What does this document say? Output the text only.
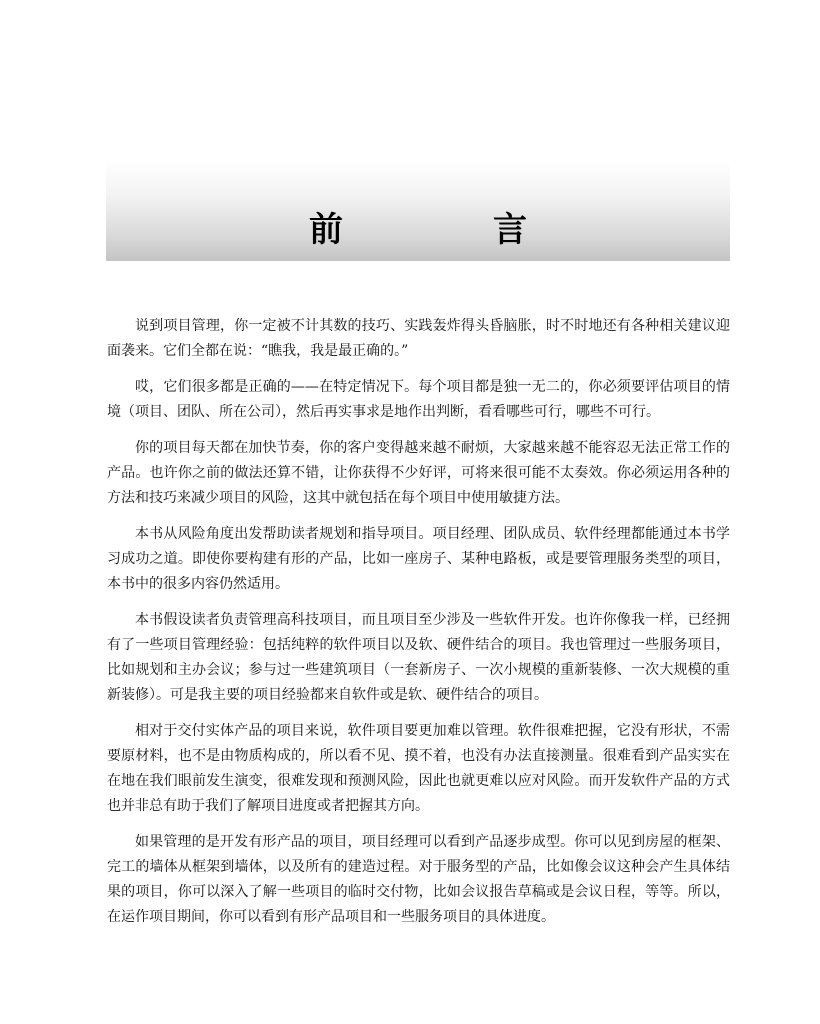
前　言

说到项目管理，你一定被不计其数的技巧、实践轰炸得头昏脑胀，时不时地还有各种相关建议迎面袭来。它们全都在说：“瞧我，我是最正确的。”

哎，它们很多都是正确的——在特定情况下。每个项目都是独一无二的，你必须要评估项目的情境（项目、团队、所在公司），然后再实事求是地作出判断，看看哪些可行，哪些不可行。

你的项目每天都在加快节奏，你的客户变得越来越不耐烦，大家越来越不能容忍无法正常工作的产品。也许你之前的做法还算不错，让你获得不少好评，可将来很可能不太奏效。你必须运用各种的方法和技巧来减少项目的风险，这其中就包括在每个项目中使用敏捷方法。

本书从风险角度出发帮助读者规划和指导项目。项目经理、团队成员、软件经理都能通过本书学习成功之道。即使你要构建有形的产品，比如一座房子、某种电路板，或是要管理服务类型的项目，本书中的很多内容仍然适用。

本书假设读者负责管理高科技项目，而且项目至少涉及一些软件开发。也许你像我一样，已经拥有了一些项目管理经验：包括纯粹的软件项目以及软、硬件结合的项目。我也管理过一些服务项目，比如规划和主办会议；参与过一些建筑项目（一套新房子、一次小规模的重新装修、一次大规模的重新装修）。可是我主要的项目经验都来自软件或是软、硬件结合的项目。

相对于交付实体产品的项目来说，软件项目要更加难以管理。软件很难把握，它没有形状，不需要原材料，也不是由物质构成的，所以看不见、摸不着，也没有办法直接测量。很难看到产品实实在在地在我们眼前发生演变，很难发现和预测风险，因此也就更难以应对风险。而开发软件产品的方式也并非总有助于我们了解项目进度或者把握其方向。

如果管理的是开发有形产品的项目，项目经理可以看到产品逐步成型。你可以见到房屋的框架、完工的墙体从框架到墙体，以及所有的建造过程。对于服务型的产品，比如像会议这种会产生具体结果的项目，你可以深入了解一些项目的临时交付物，比如会议报告草稿或是会议日程，等等。所以，在运作项目期间，你可以看到有形产品项目和一些服务项目的具体进度。
